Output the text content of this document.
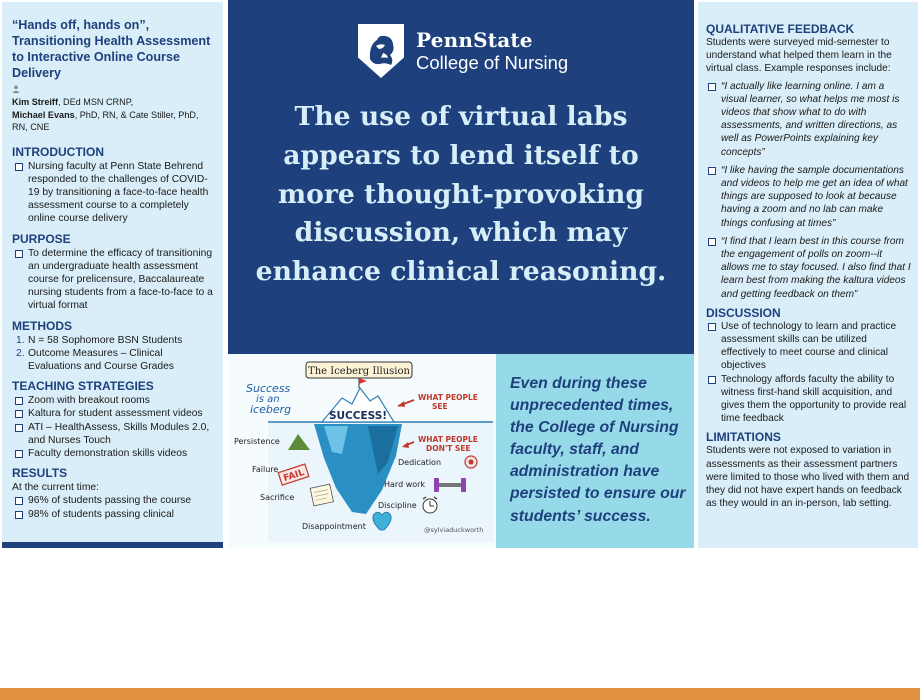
“Hands off, hands on”, Transitioning Health Assessment to Interactive Online Course Delivery
Kim Streiff, DEd MSN CRNP,
Michael Evans, PhD, RN, & Cate Stiller, PhD, RN, CNE
INTRODUCTION
Nursing faculty at Penn State Behrend responded to the challenges of COVID-19 by transitioning a face-to-face health assessment course to a completely online course delivery
PURPOSE
To determine the efficacy of transitioning an undergraduate health assessment course for prelicensure, Baccalaureate nursing students from a face-to-face to a virtual format
METHODS
1. N = 58 Sophomore BSN Students
2. Outcome Measures – Clinical Evaluations and Course Grades
TEACHING STRATEGIES
Zoom with breakout rooms
Kaltura for student assessment videos
ATI – HealthAssess, Skills Modules 2.0, and Nurses Touch
Faculty demonstration skills videos
RESULTS
At the current time:
96% of students passing the course
98% of students passing clinical
PennState
College of Nursing
The use of virtual labs appears to lend itself to more thought-provoking discussion, which may enhance clinical reasoning.
The Iceberg Illusion
Success
is an
iceberg	SUCCESS!
WHAT PEOPLE
SEE
WHAT PEOPLE
DON'T SEE
Persistence
Failure FAIL
Sacrifice
Disappointment
Dedication
Hard work
Discipline
@sylviaduckworth
Even during these unprecedented times, the College of Nursing faculty, staff, and administration have persisted to ensure our students’ success.
QUALITATIVE FEEDBACK
Students were surveyed mid-semester to understand what helped them learn in the virtual class. Example responses include:
“I actually like learning online. I am a visual learner, so what helps me most is videos that show what to do with assessments, and written directions, as well as PowerPoints explaining key concepts”
“I like having the sample documentations and videos to help me get an idea of what things are supposed to look at because having a zoom and no lab can make things confusing at times”
“I find that I learn best in this course from the engagement of polls on zoom--it allows me to stay focused. I also find that I learn best from making the kaltura videos and getting feedback on them”
DISCUSSION
Use of technology to learn and practice assessment skills can be utilized effectively to meet course and clinical objectives
Technology affords faculty the ability to witness first-hand skill acquisition, and gives them the opportunity to provide real time feedback
LIMITATIONS
Students were not exposed to variation in assessments as their assessment partners were limited to those who lived with them and they did not have expert hands on feedback as they would in an in-person, lab setting.
